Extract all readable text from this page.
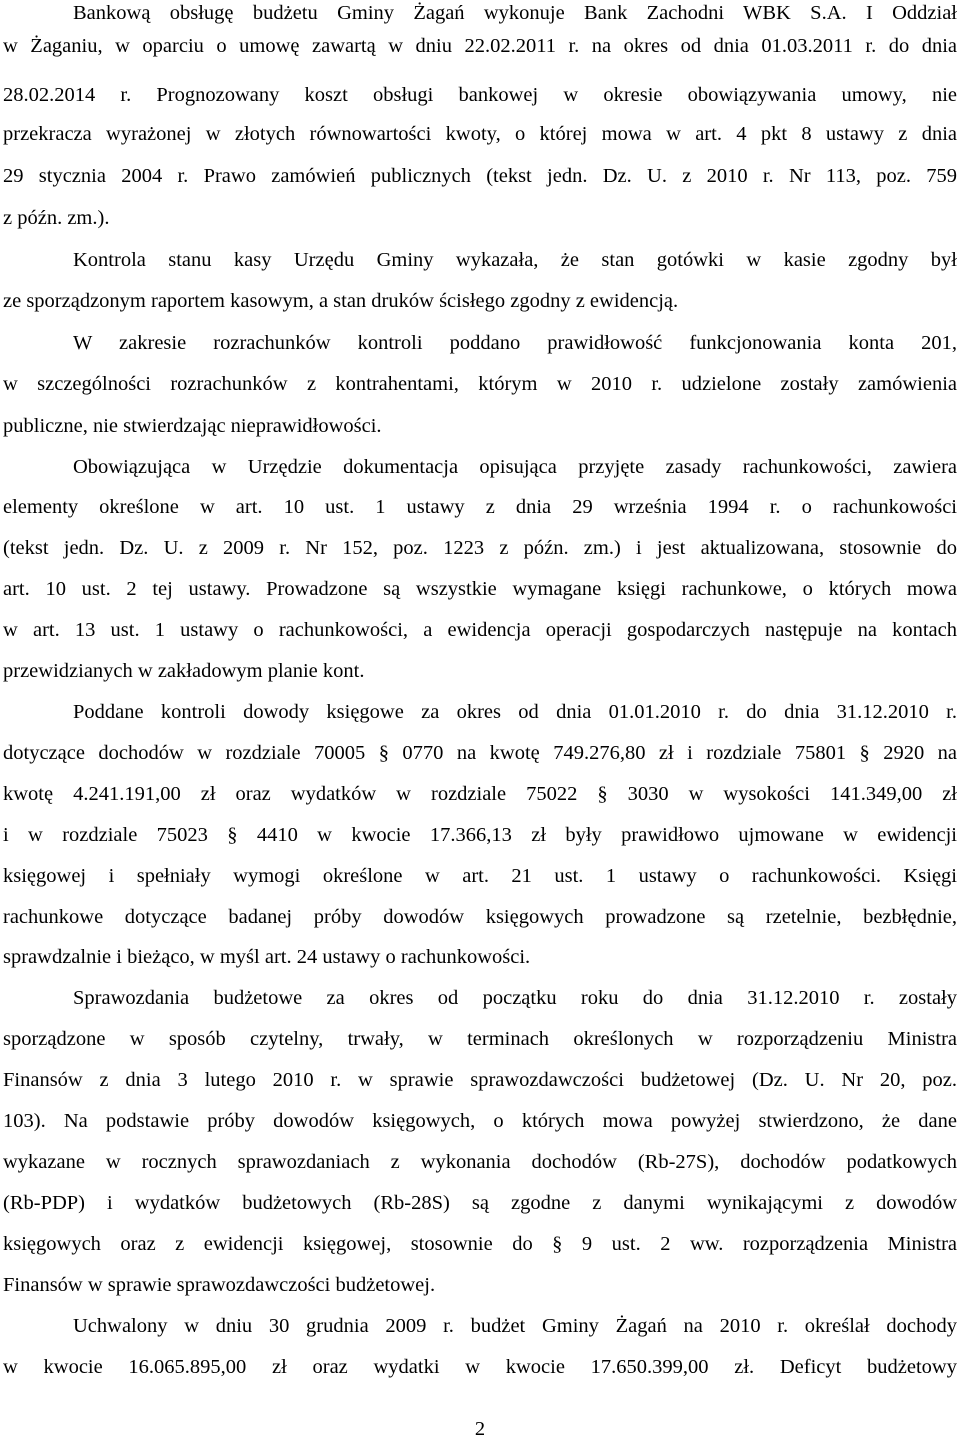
Bankową obsługę budżetu Gminy Żagań wykonuje Bank Zachodni WBK S.A. I Oddział
w Żaganiu, w oparciu o umowę zawartą w dniu 22.02.2011 r. na okres od dnia 01.03.2011 r. do dnia
28.02.2014 r. Prognozowany koszt obsługi bankowej w okresie obowiązywania umowy, nie
przekracza wyrażonej w złotych równowartości kwoty, o której mowa w art. 4 pkt 8 ustawy z dnia
29 stycznia 2004 r. Prawo zamówień publicznych (tekst jedn. Dz. U. z 2010 r. Nr 113, poz. 759
z późn. zm.).
Kontrola stanu kasy Urzędu Gminy wykazała, że stan gotówki w kasie zgodny był
ze sporządzonym raportem kasowym, a stan druków ścisłego zgodny z ewidencją.
W zakresie rozrachunków kontroli poddano prawidłowość funkcjonowania konta 201,
w szczególności rozrachunków z kontrahentami, którym w 2010 r. udzielone zostały zamówienia
publiczne, nie stwierdzając nieprawidłowości.
Obowiązująca w Urzędzie dokumentacja opisująca przyjęte zasady rachunkowości, zawiera
elementy określone w art. 10 ust. 1 ustawy z dnia 29 września 1994 r. o rachunkowości
(tekst jedn. Dz. U. z 2009 r. Nr 152, poz. 1223 z późn. zm.) i jest aktualizowana, stosownie do
art. 10 ust. 2 tej ustawy. Prowadzone są wszystkie wymagane księgi rachunkowe, o których mowa
w art. 13 ust. 1 ustawy o rachunkowości, a ewidencja operacji gospodarczych następuje na kontach
przewidzianych w zakładowym planie kont.
Poddane kontroli dowody księgowe za okres od dnia 01.01.2010 r. do dnia 31.12.2010 r.
dotyczące dochodów w rozdziale 70005 § 0770 na kwotę 749.276,80 zł i rozdziale 75801 § 2920 na
kwotę 4.241.191,00 zł oraz wydatków w rozdziale 75022 § 3030 w wysokości 141.349,00 zł
i w rozdziale 75023 § 4410 w kwocie 17.366,13 zł były prawidłowo ujmowane w ewidencji
księgowej i spełniały wymogi określone w art. 21 ust. 1 ustawy o rachunkowości. Księgi
rachunkowe dotyczące badanej próby dowodów księgowych prowadzone są rzetelnie, bezbłędnie,
sprawdzalnie i bieżąco, w myśl art. 24 ustawy o rachunkowości.
Sprawozdania budżetowe za okres od początku roku do dnia 31.12.2010 r. zostały
sporządzone w sposób czytelny, trwały, w terminach określonych w rozporządzeniu Ministra
Finansów z dnia 3 lutego 2010 r. w sprawie sprawozdawczości budżetowej (Dz. U. Nr 20, poz.
103). Na podstawie próby dowodów księgowych, o których mowa powyżej stwierdzono, że dane
wykazane w rocznych sprawozdaniach z wykonania dochodów (Rb-27S), dochodów podatkowych
(Rb-PDP) i wydatków budżetowych (Rb-28S) są zgodne z danymi wynikającymi z dowodów
księgowych oraz z ewidencji księgowej, stosownie do § 9 ust. 2 ww. rozporządzenia Ministra
Finansów w sprawie sprawozdawczości budżetowej.
Uchwalony w dniu 30 grudnia 2009 r. budżet Gminy Żagań na 2010 r. określał dochody
w kwocie 16.065.895,00 zł oraz wydatki w kwocie 17.650.399,00 zł. Deficyt budżetowy
2
